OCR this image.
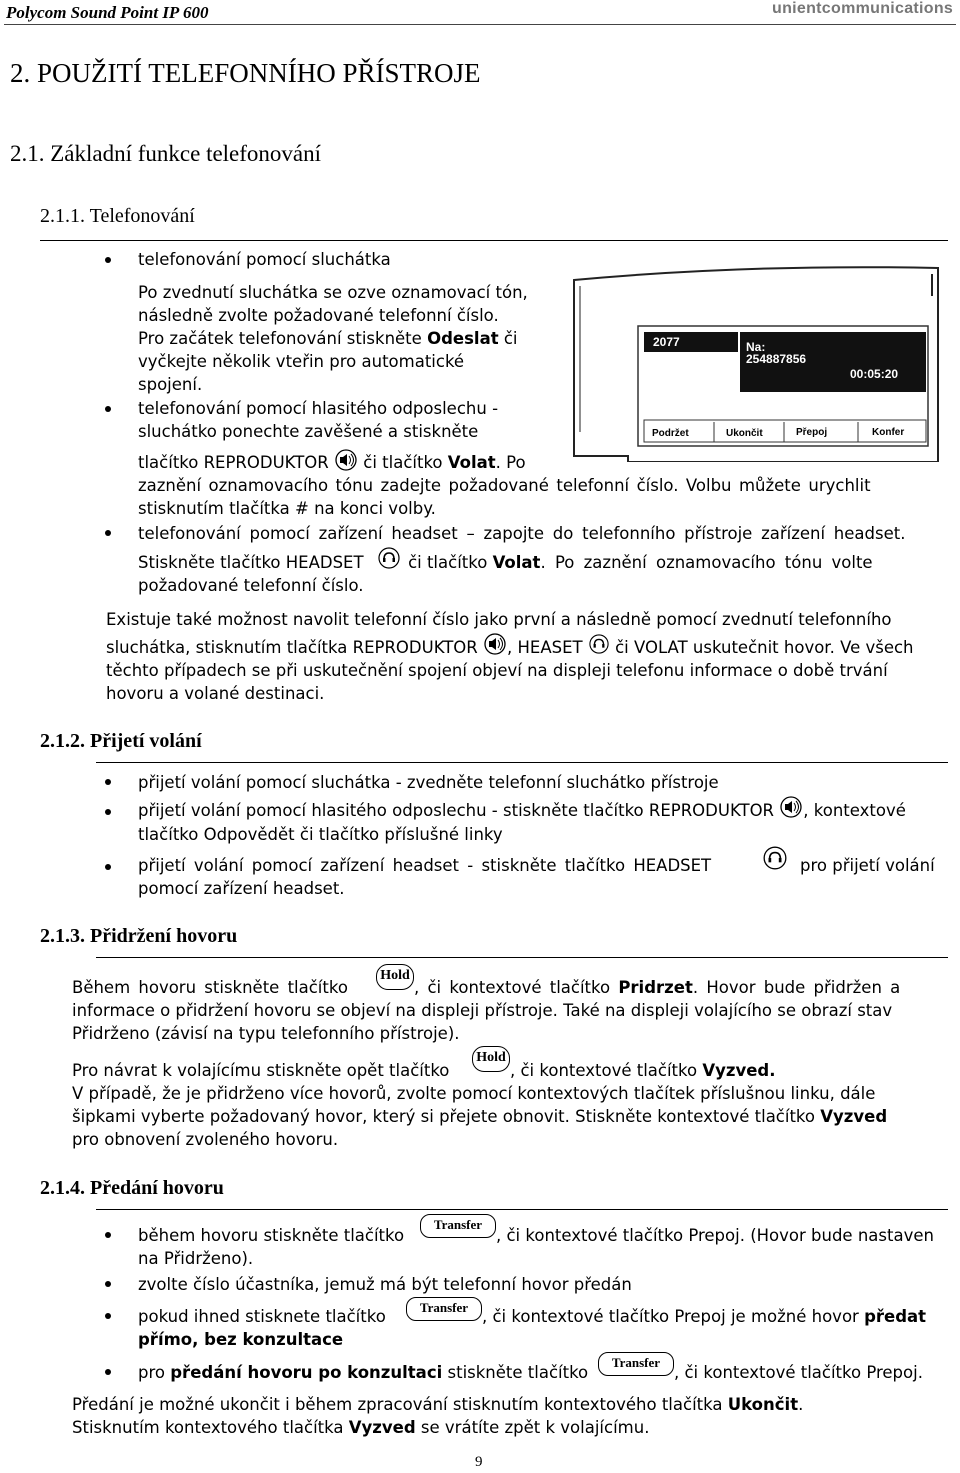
Polycom Sound Point IP 600	unientcommunications
2. POUŽITÍ TELEFONNÍHO PŘÍSTROJE
2.1. Základní funkce telefonování
2.1.1. Telefonování
telefonování pomocí sluchátka
Po zvednutí sluchátka se ozve oznamovací tón,
následně zvolte požadované telefonní číslo.
Pro začátek telefonování stiskněte Odeslat či
vyčkejte několik vteřin pro automatické
spojení.
telefonování pomocí hlasitého odposlechu -
sluchátko ponechte zavěšené a stiskněte
tlačítko REPRODUKTOR  či tlačítko Volat. Po
zaznění oznamovacího tónu zadejte požadované telefonní číslo. Volbu můžete urychlit
stisknutím tlačítka # na konci volby.
telefonování pomocí zařízení headset – zapojte do telefonního přístroje zařízení headset.
Stiskněte tlačítko HEADSET	či tlačítko Volat. Po zaznění oznamovacího tónu volte
požadované telefonní číslo.
Existuje také možnost navolit telefonní číslo jako první a následně pomocí zvednutí telefonního
sluchátka, stisknutím tlačítka REPRODUKTOR , HEASET  či VOLAT uskutečnit hovor. Ve všech
těchto případech se při uskutečnění spojení objeví na displeji telefonu informace o době trvání
hovoru a volané destinaci.
2077	Na:
254887856
00:05:20
Podržet	Ukončit	Přepoj	Konfer
2.1.2. Přijetí volání
přijetí volání pomocí sluchátka - zvedněte telefonní sluchátko přístroje
přijetí volání pomocí hlasitého odposlechu - stiskněte tlačítko REPRODUKTOR , kontextové
tlačítko Odpovědět či tlačítko příslušné linky
přijetí volání pomocí zařízení headset - stiskněte tlačítko HEADSET	pro přijetí volání
pomocí zařízení headset.
2.1.3. Přidržení hovoru
Během hovoru stiskněte tlačítko
Hold
, či kontextové tlačítko Pridrzet. Hovor bude přidržen a
informace o přidržení hovoru se objeví na displeji přístroje. Také na displeji volajícího se obrazí stav
Přidrženo (závisí na typu telefonního přístroje).
Pro návrat k volajícímu stiskněte opět tlačítko
Hold
, či kontextové tlačítko Vyzved.
V případě, že je přidrženo více hovorů, zvolte pomocí kontextových tlačítek příslušnou linku, dále
šipkami vyberte požadovaný hovor, který si přejete obnovit. Stiskněte kontextové tlačítko Vyzved
pro obnovení zvoleného hovoru.
2.1.4. Předání hovoru
během hovoru stiskněte tlačítko
Transfer
, či kontextové tlačítko Prepoj. (Hovor bude nastaven
na Přidrženo).
zvolte číslo účastníka, jemuž má být telefonní hovor předán
pokud ihned stisknete tlačítko	Transfer , či kontextové tlačítko Prepoj je možné hovor předat
přímo, bez konzultace
pro předání hovoru po konzultaci stiskněte tlačítko
Transfer
, či kontextové tlačítko Prepoj.
Předání je možné ukončit i během zpracování stisknutím kontextového tlačítka Ukončit.
Stisknutím kontextového tlačítka Vyzved se vrátíte zpět k volajícímu.
9
